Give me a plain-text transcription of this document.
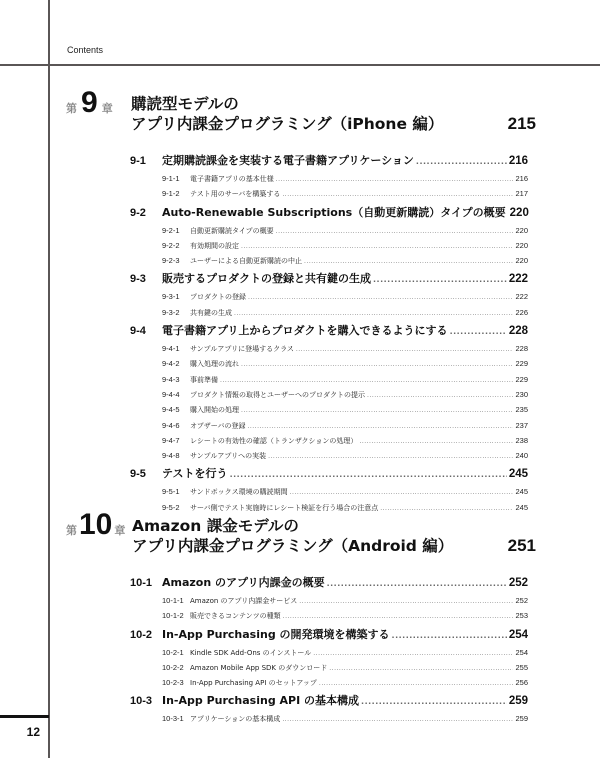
Contents
12
第 9 章 購読型モデルの
アプリ内課金プログラミング（iPhone 編）	215
9-1	定期購読課金を実装する電子書籍アプリケーション .....	216
9-1-1	電子書籍アプリの基本仕様 .....	216
9-1-2	テスト用のサーバを構築する .....	217
9-2	Auto-Renewable Subscriptions（自動更新購読）タイプの概要 220
9-2-1	自動更新購読タイプの概要 .....	220
9-2-2	有効期間の設定 .....	220
9-2-3	ユーザーによる自動更新購読の中止 .....	220
9-3	販売するプロダクトの登録と共有鍵の生成 .....	222
9-3-1	プロダクトの登録 .....	222
9-3-2	共有鍵の生成 .....	226
9-4	電子書籍アプリ上からプロダクトを購入できるようにする .....	228
9-4-1	サンプルアプリに登場するクラス .....	228
9-4-2	購入処理の流れ .....	229
9-4-3	事前準備 .....	229
9-4-4	プロダクト情報の取得とユーザーへのプロダクトの提示 .....	230
9-4-5	購入開始の処理 .....	235
9-4-6	オブザーバの登録 .....	237
9-4-7	レシートの有効性の確認（トランザクションの処理） .....	238
9-4-8	サンプルアプリへの実装 .....	240
9-5	テストを行う .....	245
9-5-1	サンドボックス環境の購読期間 .....	245
9-5-2	サーバ側でテスト実施時にレシート検証を行う場合の注意点 .....	245
第 10 章 Amazon 課金モデルの
アプリ内課金プログラミング（Android 編）	251
10-1 Amazon のアプリ内課金の概要 .....	252
10-1-1 Amazon のアプリ内課金サービス .....	252
10-1-2 販売できるコンテンツの種類 .....	253
10-2 In-App Purchasing の開発環境を構築する .....	254
10-2-1 Kindle SDK Add-Ons のインストール .....	254
10-2-2 Amazon Mobile App SDK のダウンロード .....	255
10-2-3 In-App Purchasing API のセットアップ .....	256
10-3 In-App Purchasing API の基本構成 .....	259
10-3-1 アプリケーションの基本構成 .....	259
